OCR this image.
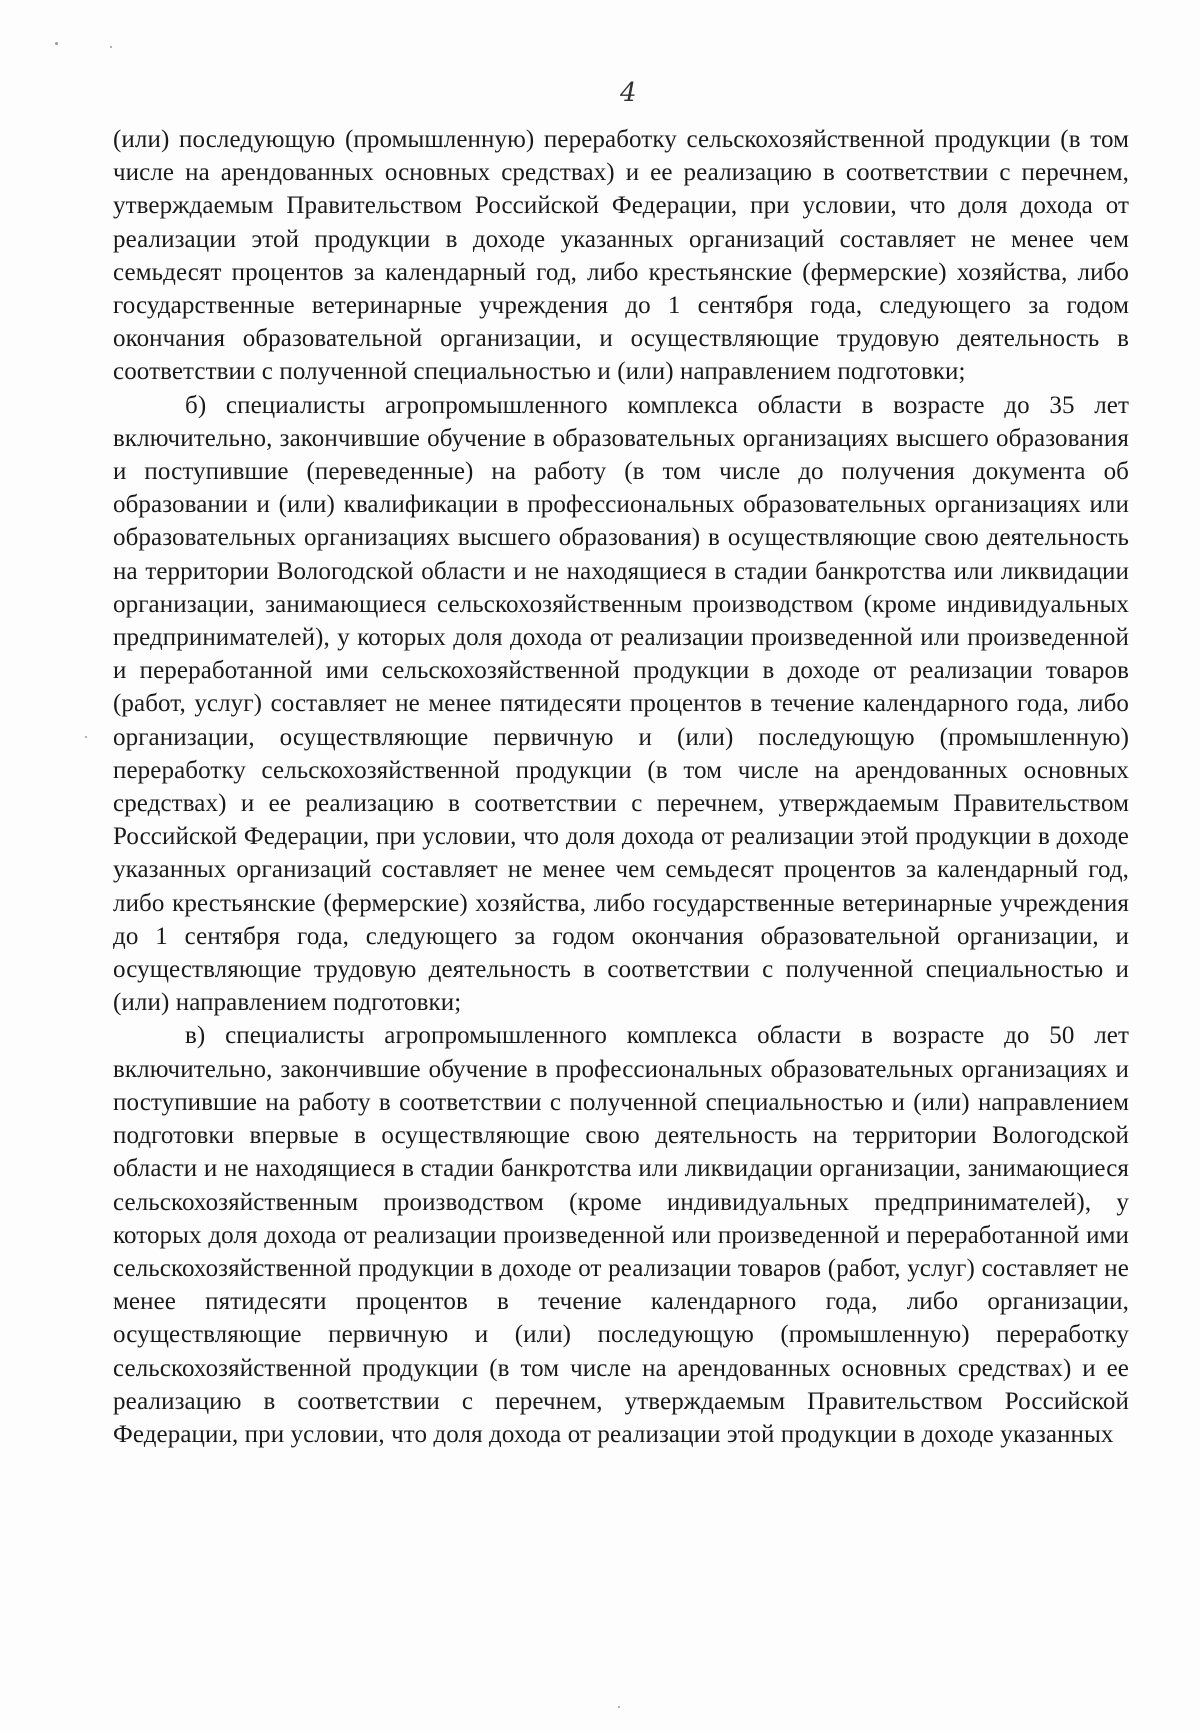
4

(или) последующую (промышленную) переработку сельскохозяйственной продукции (в том числе на арендованных основных средствах) и ее реализацию в соответствии с перечнем, утверждаемым Правительством Российской Федерации, при условии, что доля дохода от реализации этой продукции в доходе указанных организаций составляет не менее чем семьдесят процентов за календарный год, либо крестьянские (фермерские) хозяйства, либо государственные ветеринарные учреждения до 1 сентября года, следующего за годом окончания образовательной организации, и осуществляющие трудовую деятельность в соответствии с полученной специальностью и (или) направлением подготовки;

б) специалисты агропромышленного комплекса области в возрасте до 35 лет включительно, закончившие обучение в образовательных организациях высшего образования и поступившие (переведенные) на работу (в том числе до получения документа об образовании и (или) квалификации в профессиональных образовательных организациях или образовательных организациях высшего образования) в осуществляющие свою деятельность на территории Вологодской области и не находящиеся в стадии банкротства или ликвидации организации, занимающиеся сельскохозяйственным производством (кроме индивидуальных предпринимателей), у которых доля дохода от реализации произведенной или произведенной и переработанной ими сельскохозяйственной продукции в доходе от реализации товаров (работ, услуг) составляет не менее пятидесяти процентов в течение календарного года, либо организации, осуществляющие первичную и (или) последующую (промышленную) переработку сельскохозяйственной продукции (в том числе на арендованных основных средствах) и ее реализацию в соответствии с перечнем, утверждаемым Правительством Российской Федерации, при условии, что доля дохода от реализации этой продукции в доходе указанных организаций составляет не менее чем семьдесят процентов за календарный год, либо крестьянские (фермерские) хозяйства, либо государственные ветеринарные учреждения до 1 сентября года, следующего за годом окончания образовательной организации, и осуществляющие трудовую деятельность в соответствии с полученной специальностью и (или) направлением подготовки;

в) специалисты агропромышленного комплекса области в возрасте до 50 лет включительно, закончившие обучение в профессиональных образовательных организациях и поступившие на работу в соответствии с полученной специальностью и (или) направлением подготовки впервые в осуществляющие свою деятельность на территории Вологодской области и не находящиеся в стадии банкротства или ликвидации организации, занимающиеся сельскохозяйственным производством (кроме индивидуальных предпринимателей), у которых доля дохода от реализации произведенной или произведенной и переработанной ими сельскохозяйственной продукции в доходе от реализации товаров (работ, услуг) составляет не менее пятидесяти процентов в течение календарного года, либо организации, осуществляющие первичную и (или) последующую (промышленную) переработку сельскохозяйственной продукции (в том числе на арендованных основных средствах) и ее реализацию в соответствии с перечнем, утверждаемым Правительством Российской Федерации, при условии, что доля дохода от реализации этой продукции в доходе указанных
